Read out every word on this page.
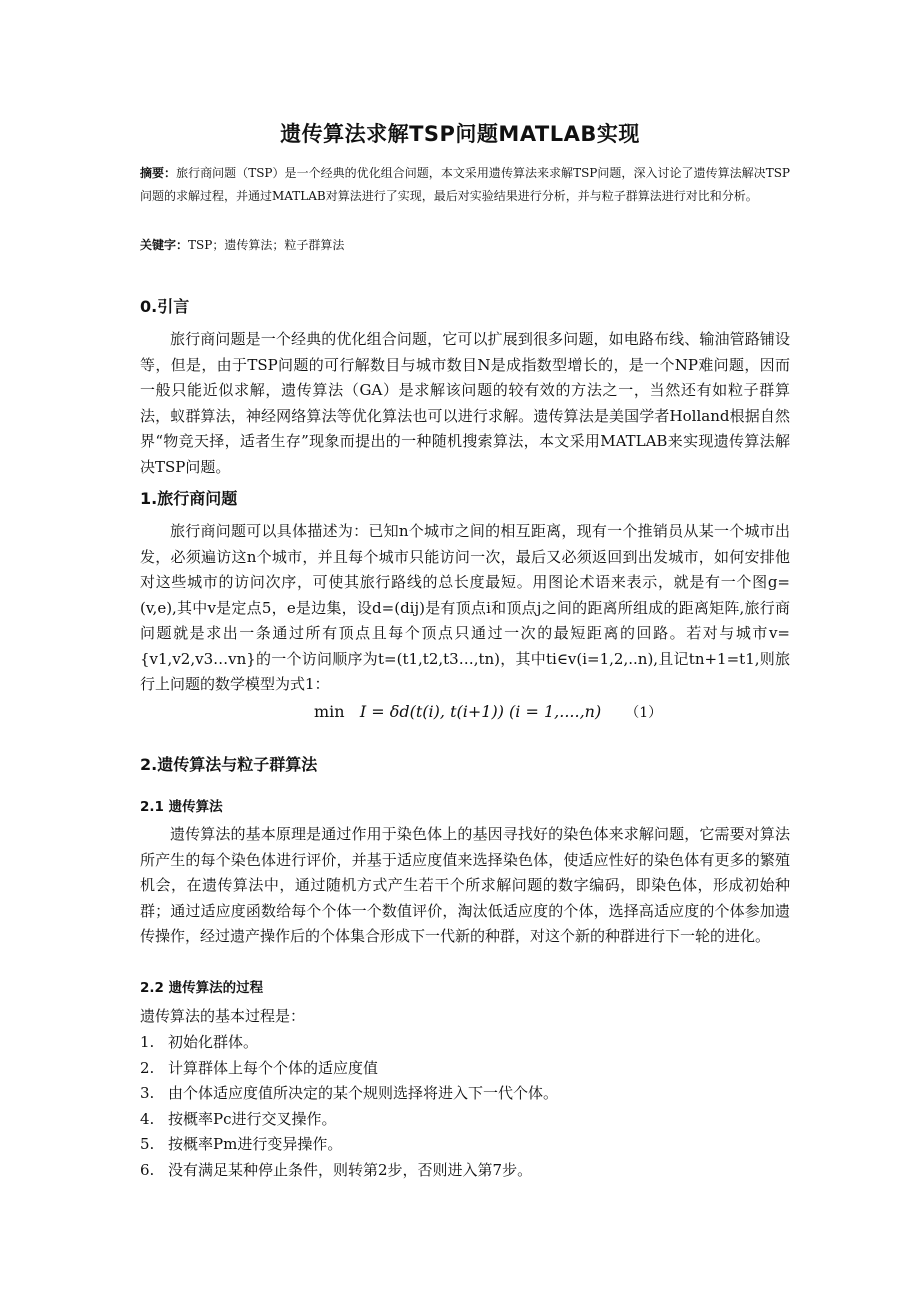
遗传算法求解TSP问题MATLAB实现
摘要：旅行商问题（TSP）是一个经典的优化组合问题，本文采用遗传算法来求解TSP问题，深入讨论了遗传算法解决TSP问题的求解过程，并通过MATLAB对算法进行了实现，最后对实验结果进行分析，并与粒子群算法进行对比和分析。
关键字：TSP；遗传算法；粒子群算法
0.引言
旅行商问题是一个经典的优化组合问题，它可以扩展到很多问题，如电路布线、输油管路铺设等，但是，由于TSP问题的可行解数目与城市数目N是成指数型增长的，是一个NP难问题，因而一般只能近似求解，遗传算法（GA）是求解该问题的较有效的方法之一，当然还有如粒子群算法，蚁群算法，神经网络算法等优化算法也可以进行求解。遗传算法是美国学者Holland根据自然界“物竞天择，适者生存”现象而提出的一种随机搜索算法，本文采用MATLAB来实现遗传算法解决TSP问题。
1.旅行商问题
旅行商问题可以具体描述为：已知n个城市之间的相互距离，现有一个推销员从某一个城市出发，必须遍访这n个城市，并且每个城市只能访问一次，最后又必须返回到出发城市，如何安排他对这些城市的访问次序，可使其旅行路线的总长度最短。用图论术语来表示，就是有一个图g=(v,e),其中v是定点5，e是边集，设d=(dij)是有顶点i和顶点j之间的距离所组成的距离矩阵,旅行商问题就是求出一条通过所有顶点且每个顶点只通过一次的最短距离的回路。若对与城市v={v1,v2,v3…vn}的一个访问顺序为t=(t1,t2,t3…,tn)，其中ti∈v(i=1,2,..n),且记tn+1=t1,则旅行上问题的数学模型为式1：
min I = δd(t(i), t(i+1)) (i = 1,....,n) （1）
2.遗传算法与粒子群算法
2.1 遗传算法
遗传算法的基本原理是通过作用于染色体上的基因寻找好的染色体来求解问题，它需要对算法所产生的每个染色体进行评价，并基于适应度值来选择染色体，使适应性好的染色体有更多的繁殖机会，在遗传算法中，通过随机方式产生若干个所求解问题的数字编码，即染色体，形成初始种群；通过适应度函数给每个个体一个数值评价，淘汰低适应度的个体，选择高适应度的个体参加遗传操作，经过遗产操作后的个体集合形成下一代新的种群，对这个新的种群进行下一轮的进化。
2.2 遗传算法的过程
遗传算法的基本过程是：
1. 初始化群体。
2. 计算群体上每个个体的适应度值
3. 由个体适应度值所决定的某个规则选择将进入下一代个体。
4. 按概率Pc进行交叉操作。
5. 按概率Pm进行变异操作。
6. 没有满足某种停止条件，则转第2步，否则进入第7步。
